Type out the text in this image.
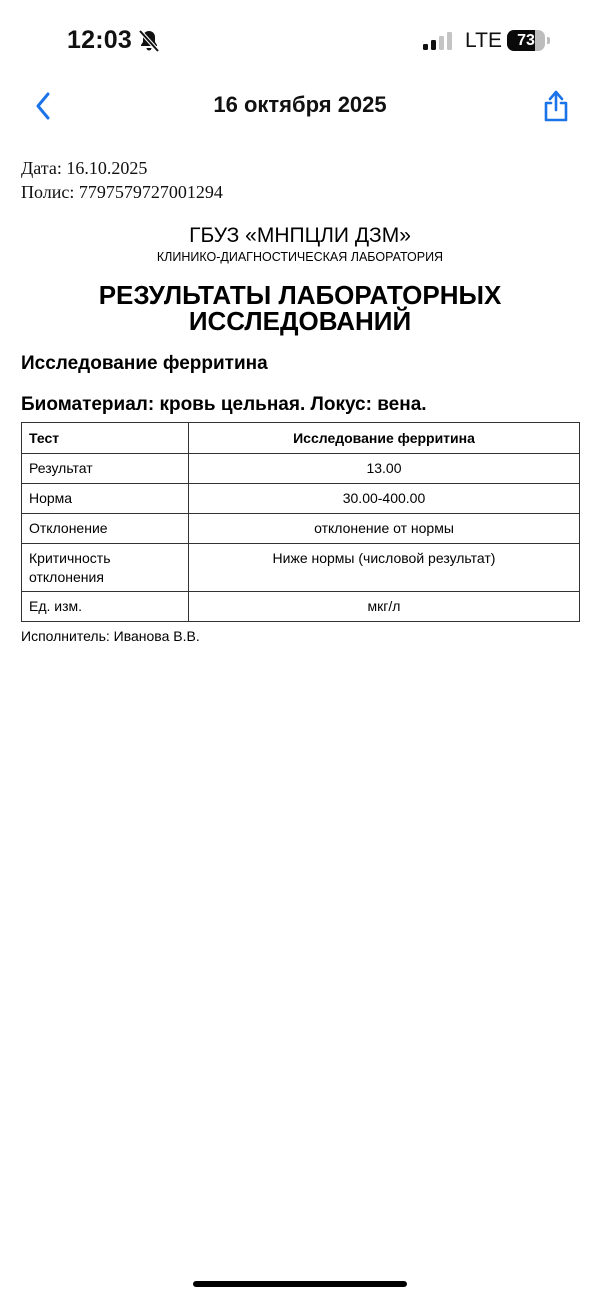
12:03	LTE 73
16 октября 2025
Дата: 16.10.2025
Полис: 7797579727001294
ГБУЗ «МНПЦЛИ ДЗМ»
КЛИНИКО-ДИАГНОСТИЧЕСКАЯ ЛАБОРАТОРИЯ
РЕЗУЛЬТАТЫ ЛАБОРАТОРНЫХ
ИССЛЕДОВАНИЙ
Исследование ферритина
Биоматериал: кровь цельная. Локус: вена.
Тест	Исследование ферритина
Результат	13.00
Норма	30.00-400.00
Отклонение	отклонение от нормы
Критичность отклонения	Ниже нормы (числовой результат)
Ед. изм.	мкг/л
Исполнитель: Иванова В.В.
